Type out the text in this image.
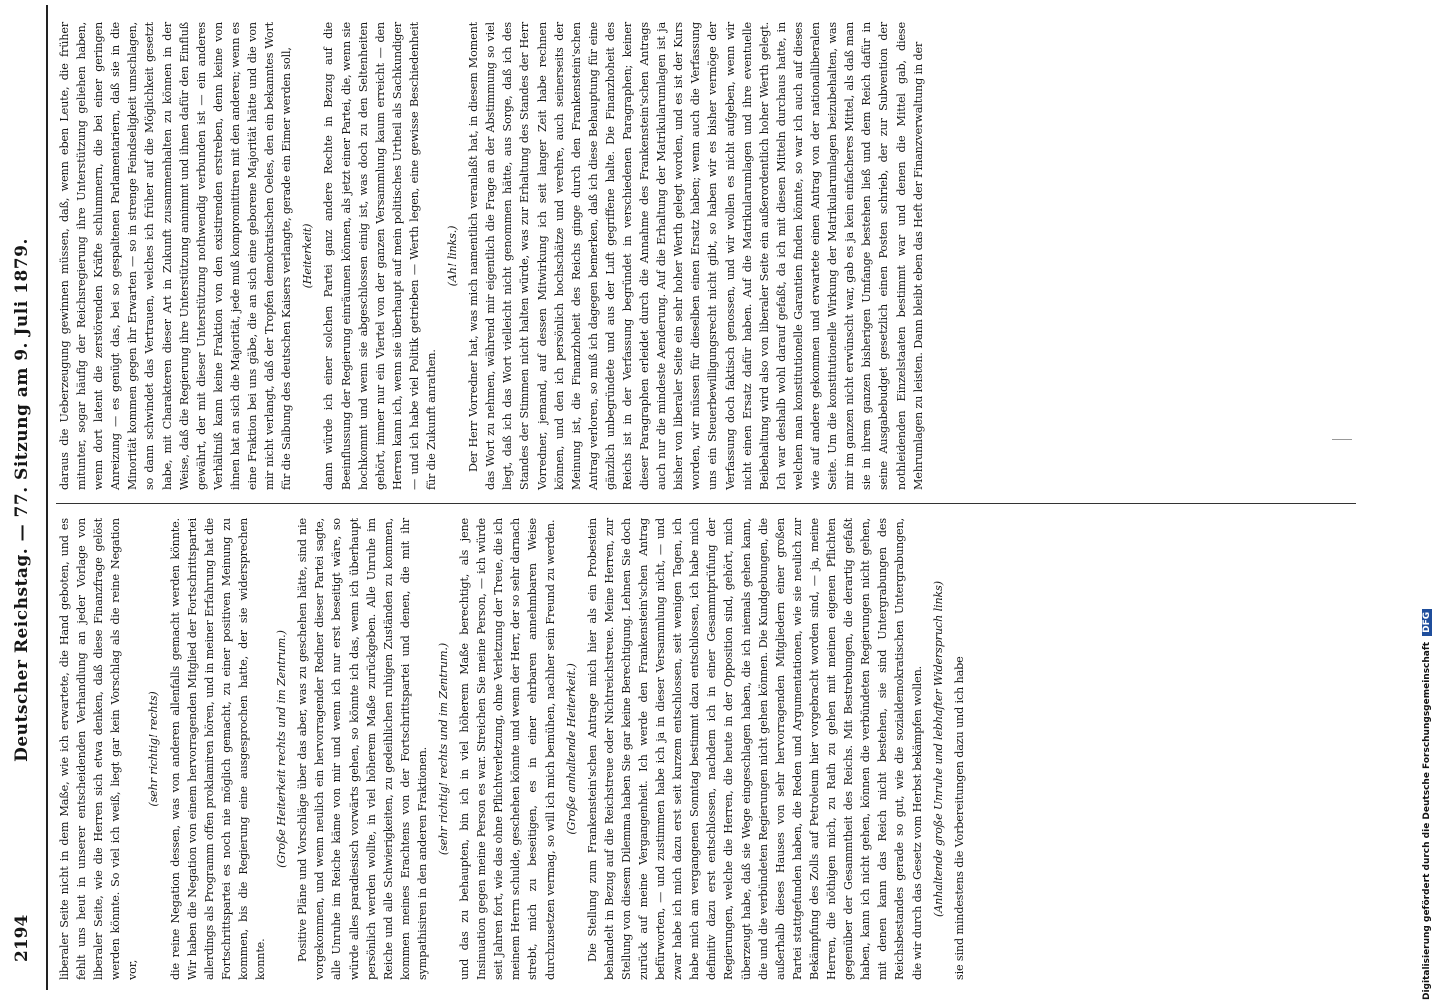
2194
Deutscher Reichstag. — 77. Sitzung am 9. Juli 1879. liberaler Seite nicht in dem Maße, wie ich erwartete, die Hand geboten, und es fehlt uns heut in unserer entscheidenden Verhandlung an jeder Vorlage von liberaler Seite, wie die Herren sich etwa denken, daß diese Finanzfrage gelöst werden könnte. So viel ich weiß, liegt gar kein Vorschlag als die reine Negation vor,

(sehr richtig! rechts) die reine Negation dessen, was von anderen allenfalls gemacht werden könnte. Wir haben die Negation von einem hervorragenden Mitglied der Fortschrittspartei allerdings als Programm offen proklamiren hören, und in meiner Erfahrung hat die Fortschrittspartei es noch nie möglich gemacht, zu einer positiven Meinung zu kommen, bis die Regierung eine ausgesprochen hatte, der sie widersprechen konnte.

(Große Heiterkeit rechts und im Zentrum.) Positive Pläne und Vorschläge über das aber, was zu geschehen hätte, sind nie vorgekommen, und wenn neulich ein hervorragender Redner dieser Partei sagte, alle Unruhe im Reiche käme von mir und wenn ich nur erst beseitigt wäre, so würde alles paradiesisch vorwärts gehen, so könnte ich das, wenn ich überhaupt persönlich werden wollte, in viel höherem Maße zurückgeben. Alle Unruhe im Reiche und alle Schwierigkeiten, zu gedeihlichen ruhigen Zuständen zu kommen, kommen meines Erachtens von der Fortschrittspartei und denen, die mit ihr sympathisiren in den anderen Fraktionen. (sehr richtig! rechts und im Zentrum.) und das zu behaupten, bin ich in viel höherem Maße berechtigt, als jene Insinuation gegen meine Person es war. Streichen Sie meine Person, — ich würde seit Jahren fort, wie das ohne Pflichtverletzung, ohne Verletzung der Treue, die ich meinem Herrn schulde, geschehen könnte und wenn der Herr, der so sehr darnach strebt, mich zu beseitigen, es in einer ehrbaren annehmbaren Weise durchzusetzen vermag, so will ich mich bemühen, nachher sein Freund zu werden. (Große anhaltende Heiterkeit.) Die Stellung zum Frankenstein'schen Antrage mich hier als ein Probestein behandelt in Bezug auf die Reichstreue oder Nichtreichstreue. Meine Herren, zur Stellung von diesem Dilemma haben Sie gar keine Berechtigung. Lehnen Sie doch zurück auf meine Vergangenheit. Ich werde den Frankenstein'schen Antrag befürworten, — und zustimmen habe ich ja in dieser Versammlung nicht, — und zwar habe ich mich dazu erst seit kurzem entschlossen, seit wenigen Tagen, ich habe mich am vergangenen Sonntag bestimmt dazu entschlossen, ich habe mich definitiv dazu erst entschlossen, nachdem ich in einer Gesammtprüfung der Regierungen, welche die Herren, die heute in der Opposition sind, gehört, mich überzeugt habe, daß sie Wege eingeschlagen haben, die ich niemals gehen kann, die und die verbündeten Regierungen nicht gehen können. Die Kundgebungen, die außerhalb dieses Hauses von sehr hervorragenden Mitgliedern einer großen Partei stattgefunden haben, die Reden und Argumentationen, wie sie neulich zur Bekämpfung des Zolls auf Petroleum hier vorgebracht worden sind, — ja, meine Herren, die nöthigen mich, zu Rath zu gehen mit meinen eigenen Pflichten gegenüber der Gesammtheit des Reichs. Mit Bestrebungen, die derartig gefaßt haben, kann ich nicht gehen, können die verbündeten Regierungen nicht gehen, mit denen kann das Reich nicht bestehen, sie sind Untergrabungen des Reichsbestandes gerade so gut, wie die sozialdemokratischen Untergrabungen, die wir durch das Gesetz vom Herbst bekämpfen wollen. (Anhaltende große Unruhe und lebhafter Widerspruch links) sie sind mindestens die Vorbereitungen dazu und ich habe

daraus die Ueberzeugung gewinnen müssen, daß, wenn eben Leute, die früher mitunter, sogar häufig der Reichsregierung ihre Unterstützung geliehen haben, wenn dort latent die zerstörenden Kräfte schlummern, die bei einer geringen Anreizung — es genügt das, bei so gespaltenen Parlamentariern, daß sie in die Minorität kommen gegen ihr Erwarten — so in strenge Feindseligkeit umschlagen, so dann schwindet das Vertrauen, welches ich früher auf die Möglichkeit gesetzt habe, mit Charakteren dieser Art in Zukunft zusammenhalten zu können in der Weise, daß die Regierung ihre Unterstützung annimmt und ihnen dafür den Einfluß gewährt, der mit dieser Unterstützung nothwendig verbunden ist — ein anderes Verhältniß kann keine Fraktion von den existirenden erstreben, denn keine von ihnen hat an sich die Majorität, jede muß kompromittiren mit den anderen; wenn es eine Fraktion bei uns gäbe, die an sich eine geborene Majorität hätte und die von mir nicht verlangt, daß der Tropfen demokratischen Oeles, den ein bekanntes Wort für die Salbung des deutschen Kaisers verlangte, gerade ein Eimer werden soll, (Heiterkeit) dann würde ich einer solchen Partei ganz andere Rechte in Bezug auf die Beeinflussung der Regierung einräumen können, als jetzt einer Partei, die, wenn sie hochkommt und wenn sie abgeschlossen einig ist, was doch zu den Seltenheiten gehört, immer nur ein Viertel von der ganzen Versammlung kaum erreicht — den Herren kann ich, wenn sie überhaupt auf mein politisches Urtheil als Sachkundiger — und ich habe viel Politik getrieben — Werth legen, eine gewisse Beschiedenheit für die Zukunft anrathen.

(Ah! links.) Der Herr Vorredner hat, was mich namentlich veranlaßt hat, in diesem Moment das Wort zu nehmen, während mir eigentlich die Frage an der Abstimmung so viel liegt, daß ich das Wort vielleicht nicht genommen hätte, aus Sorge, daß ich des Standes der Stimmen nicht halten würde, was zur Erhaltung des Standes der Herr Vorredner, jemand, auf dessen Mitwirkung ich seit langer Zeit habe rechnen können, und den ich persönlich hochschätze und verehre, auch seinerseits der Meinung ist, die Finanzhoheit des Reichs ginge durch den Frankenstein'schen Antrag verloren, so muß ich dagegen bemerken, daß ich diese Behauptung für eine gänzlich unbegründete und aus der Luft gegriffene halte. Die Finanzhoheit des Reichs ist in der Verfassung begründet in verschiedenen Paragraphen; keiner dieser Paragraphen erleidet durch die Annahme des Frankenstein'schen Antrags auch nur die mindeste Aenderung. Auf die Erhaltung der Matrikularumlagen ist ja bisher von liberaler Seite ein sehr hoher Werth gelegt worden, und es ist der Kurs worden, wir müssen für dieselben einen Ersatz haben; wenn auch die Verfassung uns ein Steuerbewilligungsrecht nicht gibt, so haben wir es bisher vermöge der Verfassung doch faktisch genossen, und wir wollen es nicht aufgeben, wenn wir nicht einen Ersatz dafür haben. Auf die Matrikularumlagen und ihre eventuelle Beibehaltung wird also von liberaler Seite ein außerordentlich hoher Werth gelegt. Ich war deshalb wohl darauf gefaßt, da ich mit diesen Mitteln durchaus hatte, in welchen man konstitutionelle Garantien finden könnte, so war ich auch auf dieses wie auf andere gekommen und erwartete einen Antrag von der nationalliberalen Seite. Um die konstitutionelle Wirkung der Matrikularumlagen beizubehalten, was mir im ganzen nicht erwünscht war, gab es ja kein einfacheres Mittel, als daß man sie in ihrem ganzen bisherigen Umfange bestehen ließ und dem Reich dafür in seine Ausgabebudget gesetzlich einen Posten schrieb, der zur Subvention der nothleidenden Einzelstaaten bestimmt war und denen die Mittel gab, diese Mehrumlagen zu leisten. Dann bleibt eben das Heft der Finanzverwaltung in der

Digitalisierung gefördert durch die Deutsche ForschungsgemeinschaftDFG
